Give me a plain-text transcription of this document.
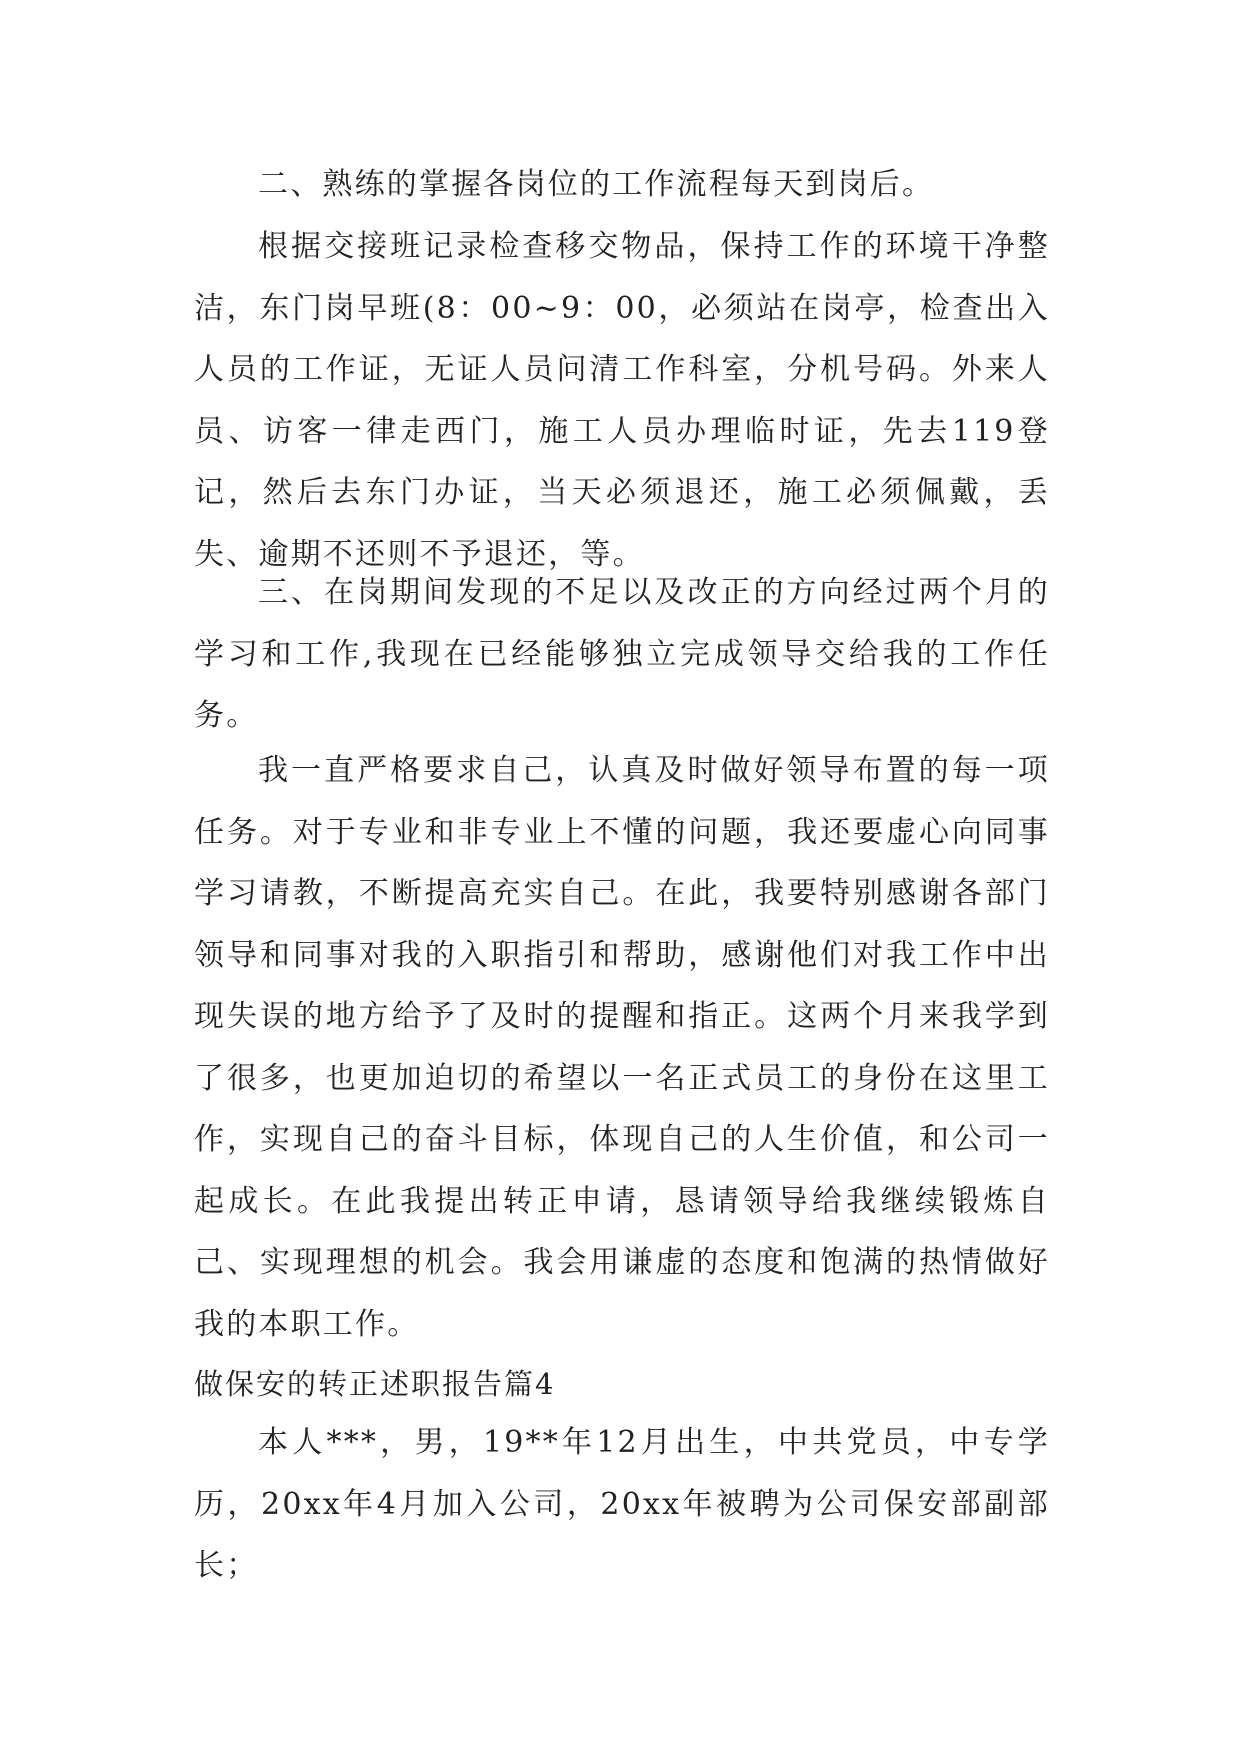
二、熟练的掌握各岗位的工作流程每天到岗后。

根据交接班记录检查移交物品，保持工作的环境干净整洁，东门岗早班(8：00~9：00，必须站在岗亭，检查出入人员的工作证，无证人员问清工作科室，分机号码。外来人员、访客一律走西门，施工人员办理临时证，先去119登记，然后去东门办证，当天必须退还，施工必须佩戴，丢失、逾期不还则不予退还，等。

三、在岗期间发现的不足以及改正的方向经过两个月的学习和工作,我现在已经能够独立完成领导交给我的工作任务。

我一直严格要求自己，认真及时做好领导布置的每一项任务。对于专业和非专业上不懂的问题，我还要虚心向同事学习请教，不断提高充实自己。在此，我要特别感谢各部门领导和同事对我的入职指引和帮助，感谢他们对我工作中出现失误的地方给予了及时的提醒和指正。这两个月来我学到了很多，也更加迫切的希望以一名正式员工的身份在这里工作，实现自己的奋斗目标，体现自己的人生价值，和公司一起成长。在此我提出转正申请，恳请领导给我继续锻炼自己、实现理想的机会。我会用谦虚的态度和饱满的热情做好我的本职工作。

做保安的转正述职报告篇4

本人***，男，19**年12月出生，中共党员，中专学历，20xx年4月加入公司，20xx年被聘为公司保安部副部长；
